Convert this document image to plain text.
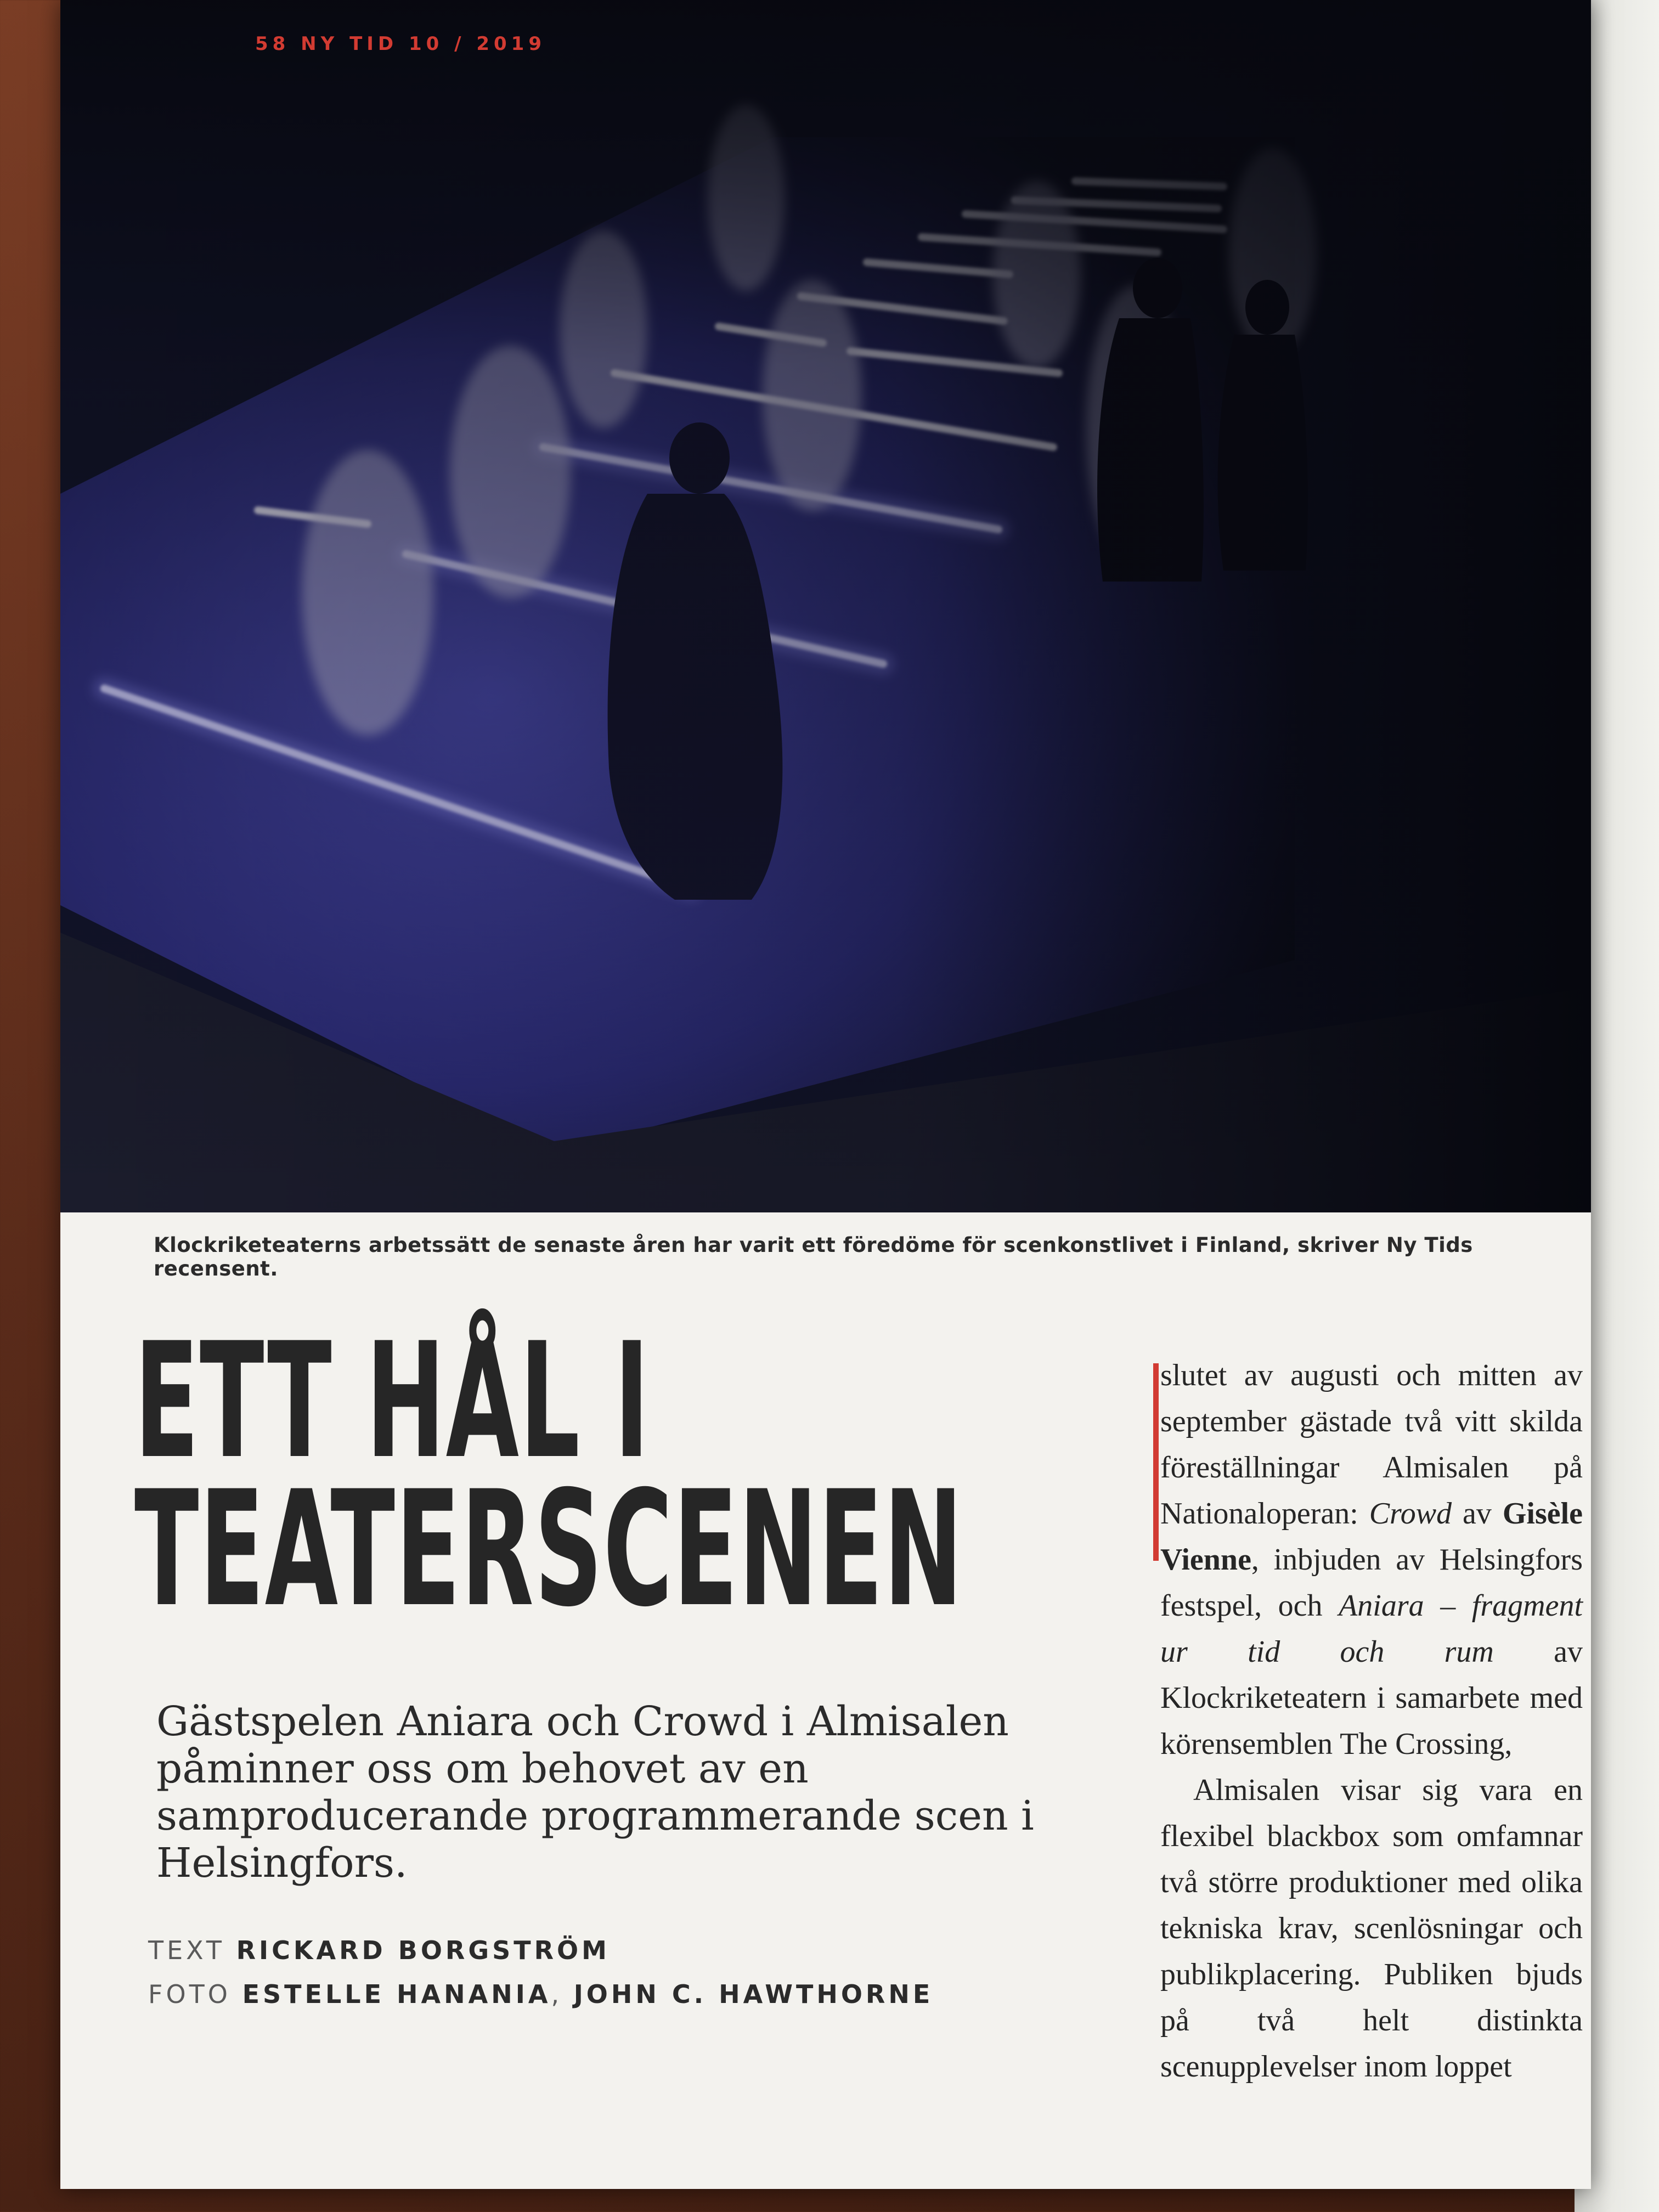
58 NY TID 10 / 2019
Klockriketeaterns arbetssätt de senaste åren har varit ett föredöme för scenkonstlivet i Finland, skriver Ny Tids recensent.
ETT HÅL I
TEATERSCENEN
Gästspelen Aniara och Crowd i Almisalen påminner oss om behovet av en samproducerande programmerande scen i Helsingfors.
TEXT RICKARD BORGSTRÖM
FOTO ESTELLE HANANIA, JOHN C. HAWTHORNE

slutet av augusti och mitten av september gästade två vitt skilda föreställningar Almisalen på Nationaloperan: Crowd av Gisèle Vienne, inbjuden av Helsingfors festspel, och Aniara – fragment ur tid och rum av Klockriketeatern i samarbete med körensemblen The Crossing,

Almisalen visar sig vara en flexibel blackbox som omfamnar två större produktioner med olika tekniska krav, scenlösningar och publikplacering. Publiken bjuds på två helt distinkta scenupplevelser inom loppet
